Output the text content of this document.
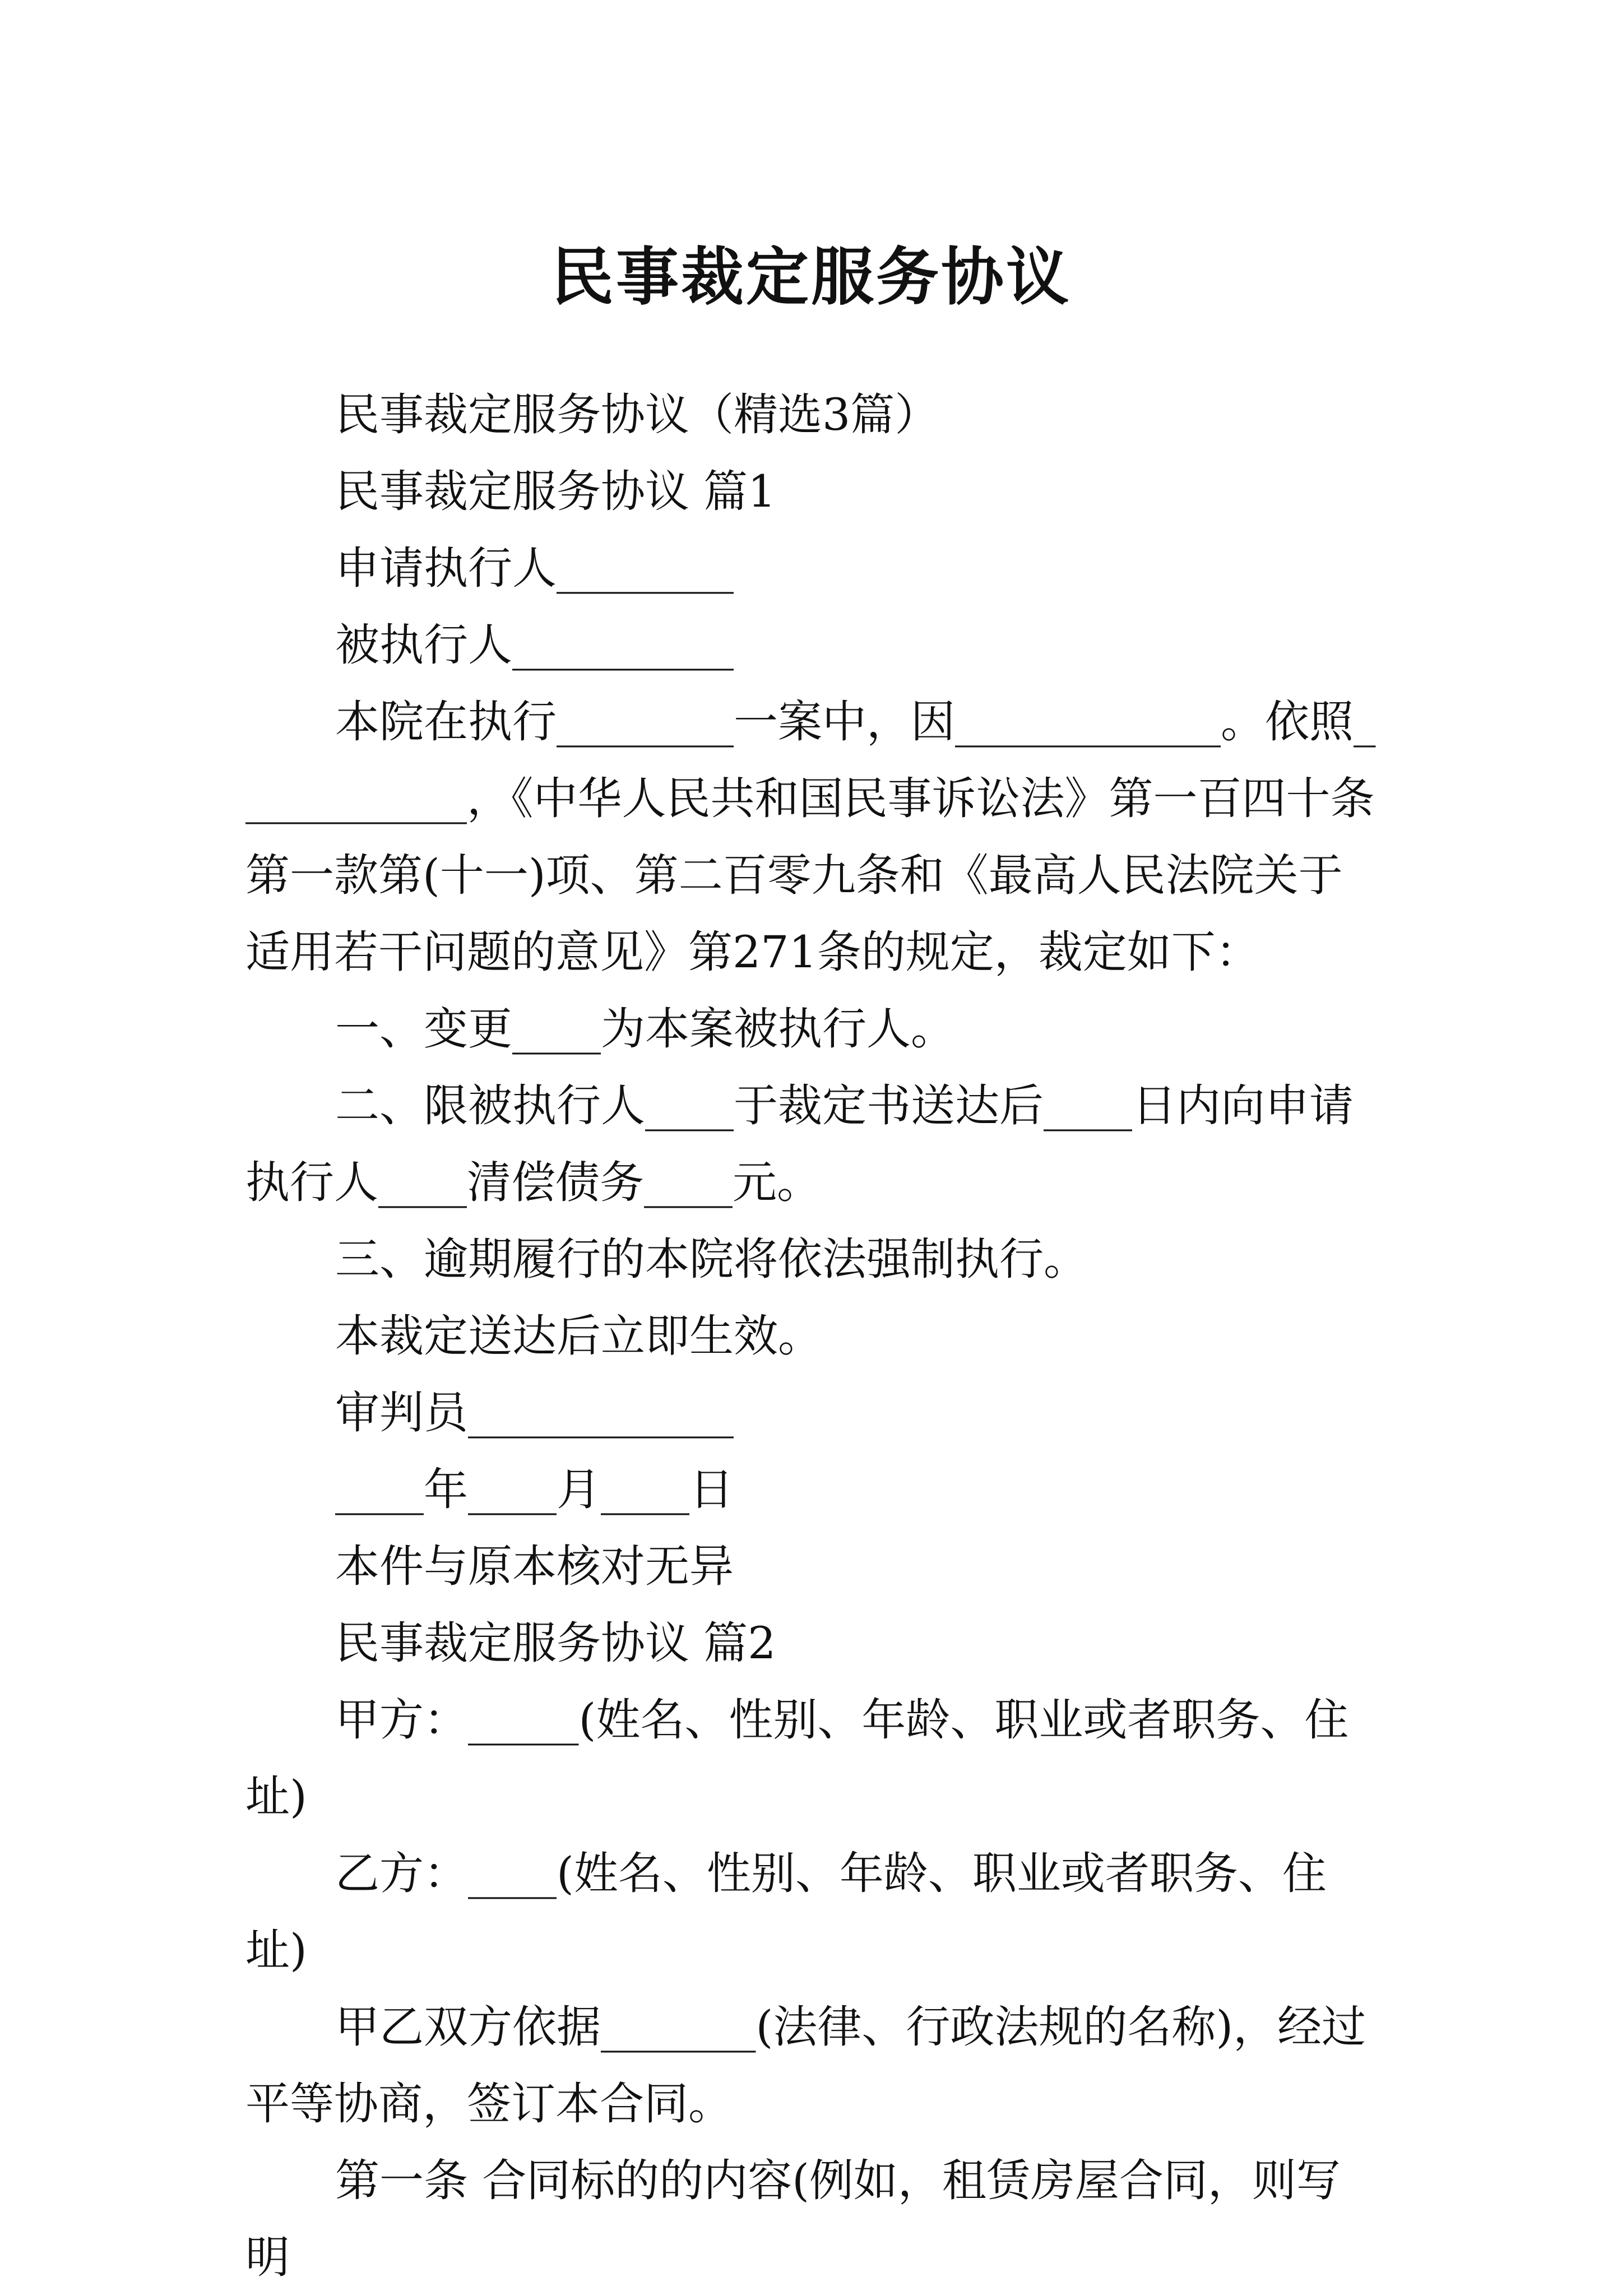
民事裁定服务协议

民事裁定服务协议（精选3篇）

民事裁定服务协议 篇1

申请执行人________

被执行人__________

本院在执行________一案中，因____________。依照___________，《中华人民共和国民事诉讼法》第一百四十条第一款第(十一)项、第二百零九条和《最高人民法院关于适用若干问题的意见》第271条的规定，裁定如下：

一、变更____为本案被执行人。

二、限被执行人____于裁定书送达后____日内向申请执行人____清偿债务____元。

三、逾期履行的本院将依法强制执行。

本裁定送达后立即生效。

审判员____________

____年____月____日

本件与原本核对无异

民事裁定服务协议 篇2

甲方：_____(姓名、性别、年龄、职业或者职务、住址)

乙方：____(姓名、性别、年龄、职业或者职务、住址)

甲乙双方依据_______(法律、行政法规的名称)，经过平等协商，签订本合同。

第一条 合同标的的内容(例如，租赁房屋合同，则写明
